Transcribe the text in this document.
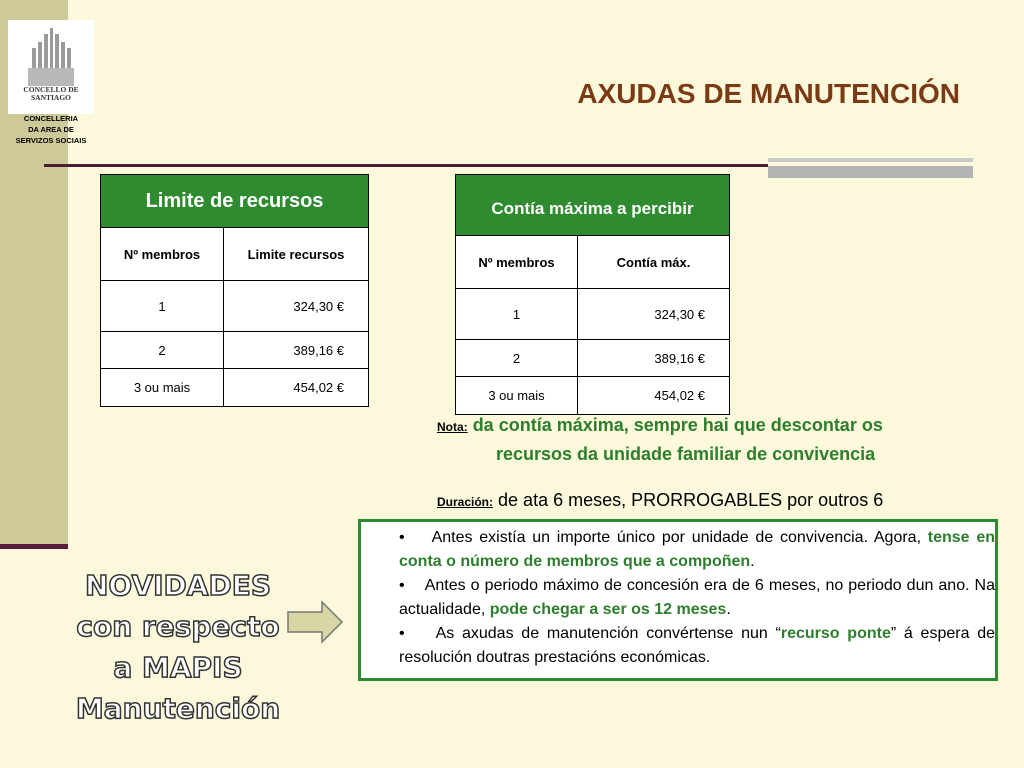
CONCELLO DE
SANTIAGO
CONCELLERIA
DA AREA DE
SERVIZOS SOCIAIS
AXUDAS DE MANUTENCIÓN
Limite de recursos	
Nº membros	Limite recursos
1	324,30 €
2	389,16 €
3 ou mais	454,02 €
Contía máxima a percibir	
Nº membros	Contía máx.
1	324,30 €
2	389,16 €
3 ou mais	454,02 €
Nota: da contía máxima, sempre hai que descontar os
recursos da unidade familiar de convivencia
Duración: de ata 6 meses, PRORROGABLES por outros 6
NOVIDADES
con respecto
a MAPIS Manutención
• Antes existía un importe único por unidade de convivencia. Agora, tense en conta o número de membros que a compoñen.
• Antes o periodo máximo de concesión era de 6 meses, no periodo dun ano. Na actualidade, pode chegar a ser os 12 meses.
• As axudas de manutención convértense nun “recurso ponte” á espera de resolución doutras prestacións económicas.
